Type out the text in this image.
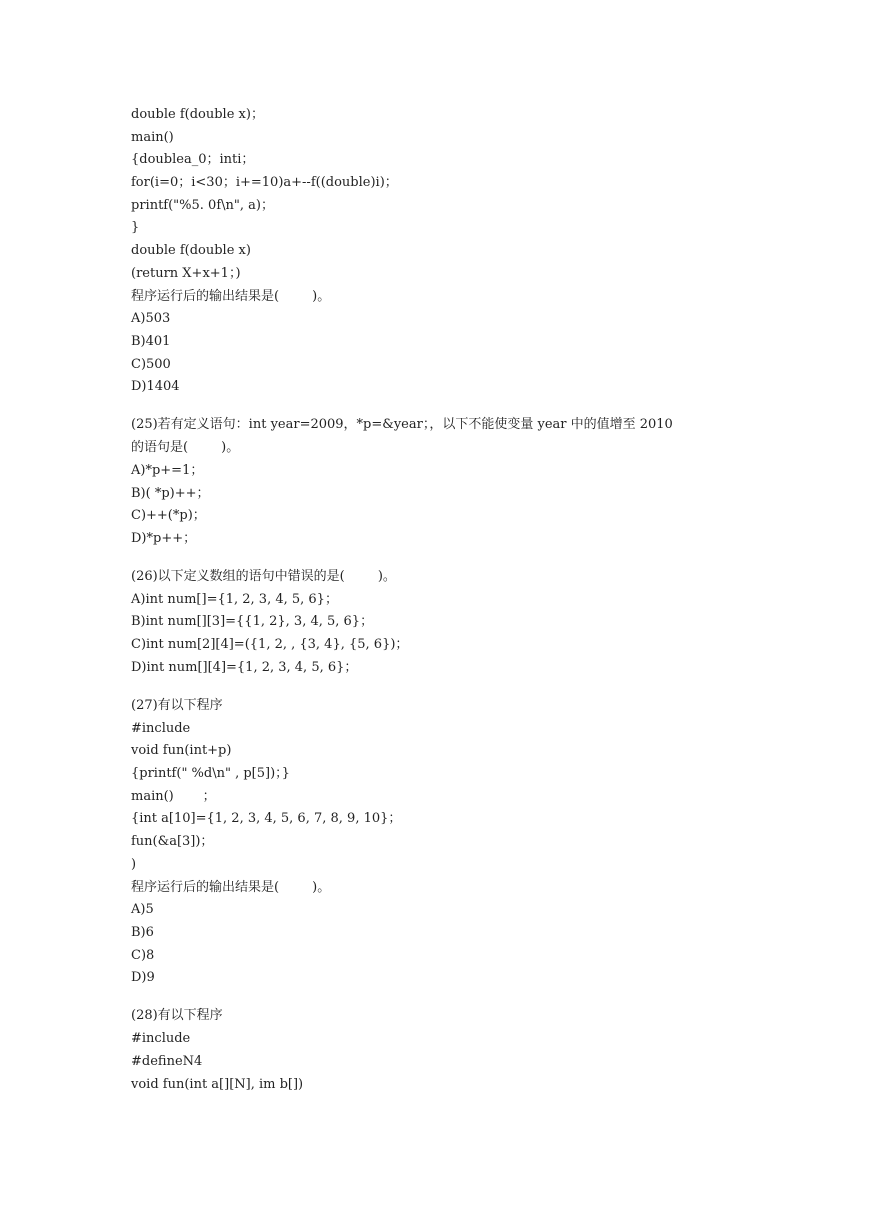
double f(double x)；
main()
{doublea_0；inti；
for(i=0；i<30；i+=10)a+--f((double)i)；
printf("%5. 0f\n", a)；
}
double f(double x)
(return X+x+1；)
程序运行后的输出结果是(        )。
A)503
B)401
C)500
D)1404
(25)若有定义语句：int year=2009，*p=&year；，以下不能使变量 year 中的值增至 2010
的语句是(        )。
A)*p+=1；
B)( *p)++；
C)++(*p)；
D)*p++；
(26)以下定义数组的语句中错误的是(        )。
A)int num[]={1, 2, 3, 4, 5, 6}；
B)int num[][3]={{1, 2}, 3, 4, 5, 6}；
C)int num[2][4]=({1, 2, , {3, 4}, {5, 6})；
D)int num[][4]={1, 2, 3, 4, 5, 6}；
(27)有以下程序
#include
void fun(int+p)
{printf(" %d\n" , p[5])；}
main()       ；
{int a[10]={1, 2, 3, 4, 5, 6, 7, 8, 9, 10}；
fun(&a[3])；
)
程序运行后的输出结果是(        )。
A)5
B)6
C)8
D)9
(28)有以下程序
#include
#defineN4
void fun(int a[][N], im b[])
